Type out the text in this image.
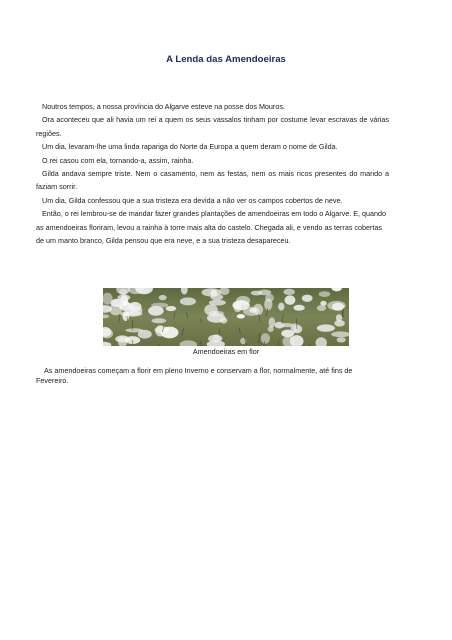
A Lenda das Amendoeiras

Noutros tempos, a nossa província do Algarve esteve na posse dos Mouros.

Ora aconteceu que ali havia um rei a quem os seus vassalos tinham por costume levar escravas de várias regiões.

Um dia, levaram-lhe uma linda rapariga do Norte da Europa a quem deram o nome de Gilda.

O rei casou com ela, tornando-a, assim, rainha.

Gilda andava sempre triste. Nem o casamento, nem as festas, nem os mais ricos presentes do marido a faziam sorrir.

Um dia, Gilda confessou que a sua tristeza era devida a não ver os campos cobertos de neve.

Então, o rei lembrou-se de mandar fazer grandes plantações de amendoeiras em todo o Algarve. E, quando as amendoeiras floriram, levou a rainha à torre mais alta do castelo. Chegada ali, e vendo as terras cobertas de um manto branco, Gilda pensou que era neve, e a sua tristeza desapareceu.

Amendoeiras em flor
As amendoeiras começam a florir em pleno Inverno e conservam a flor, normalmente, até fins de Fevereiro.
